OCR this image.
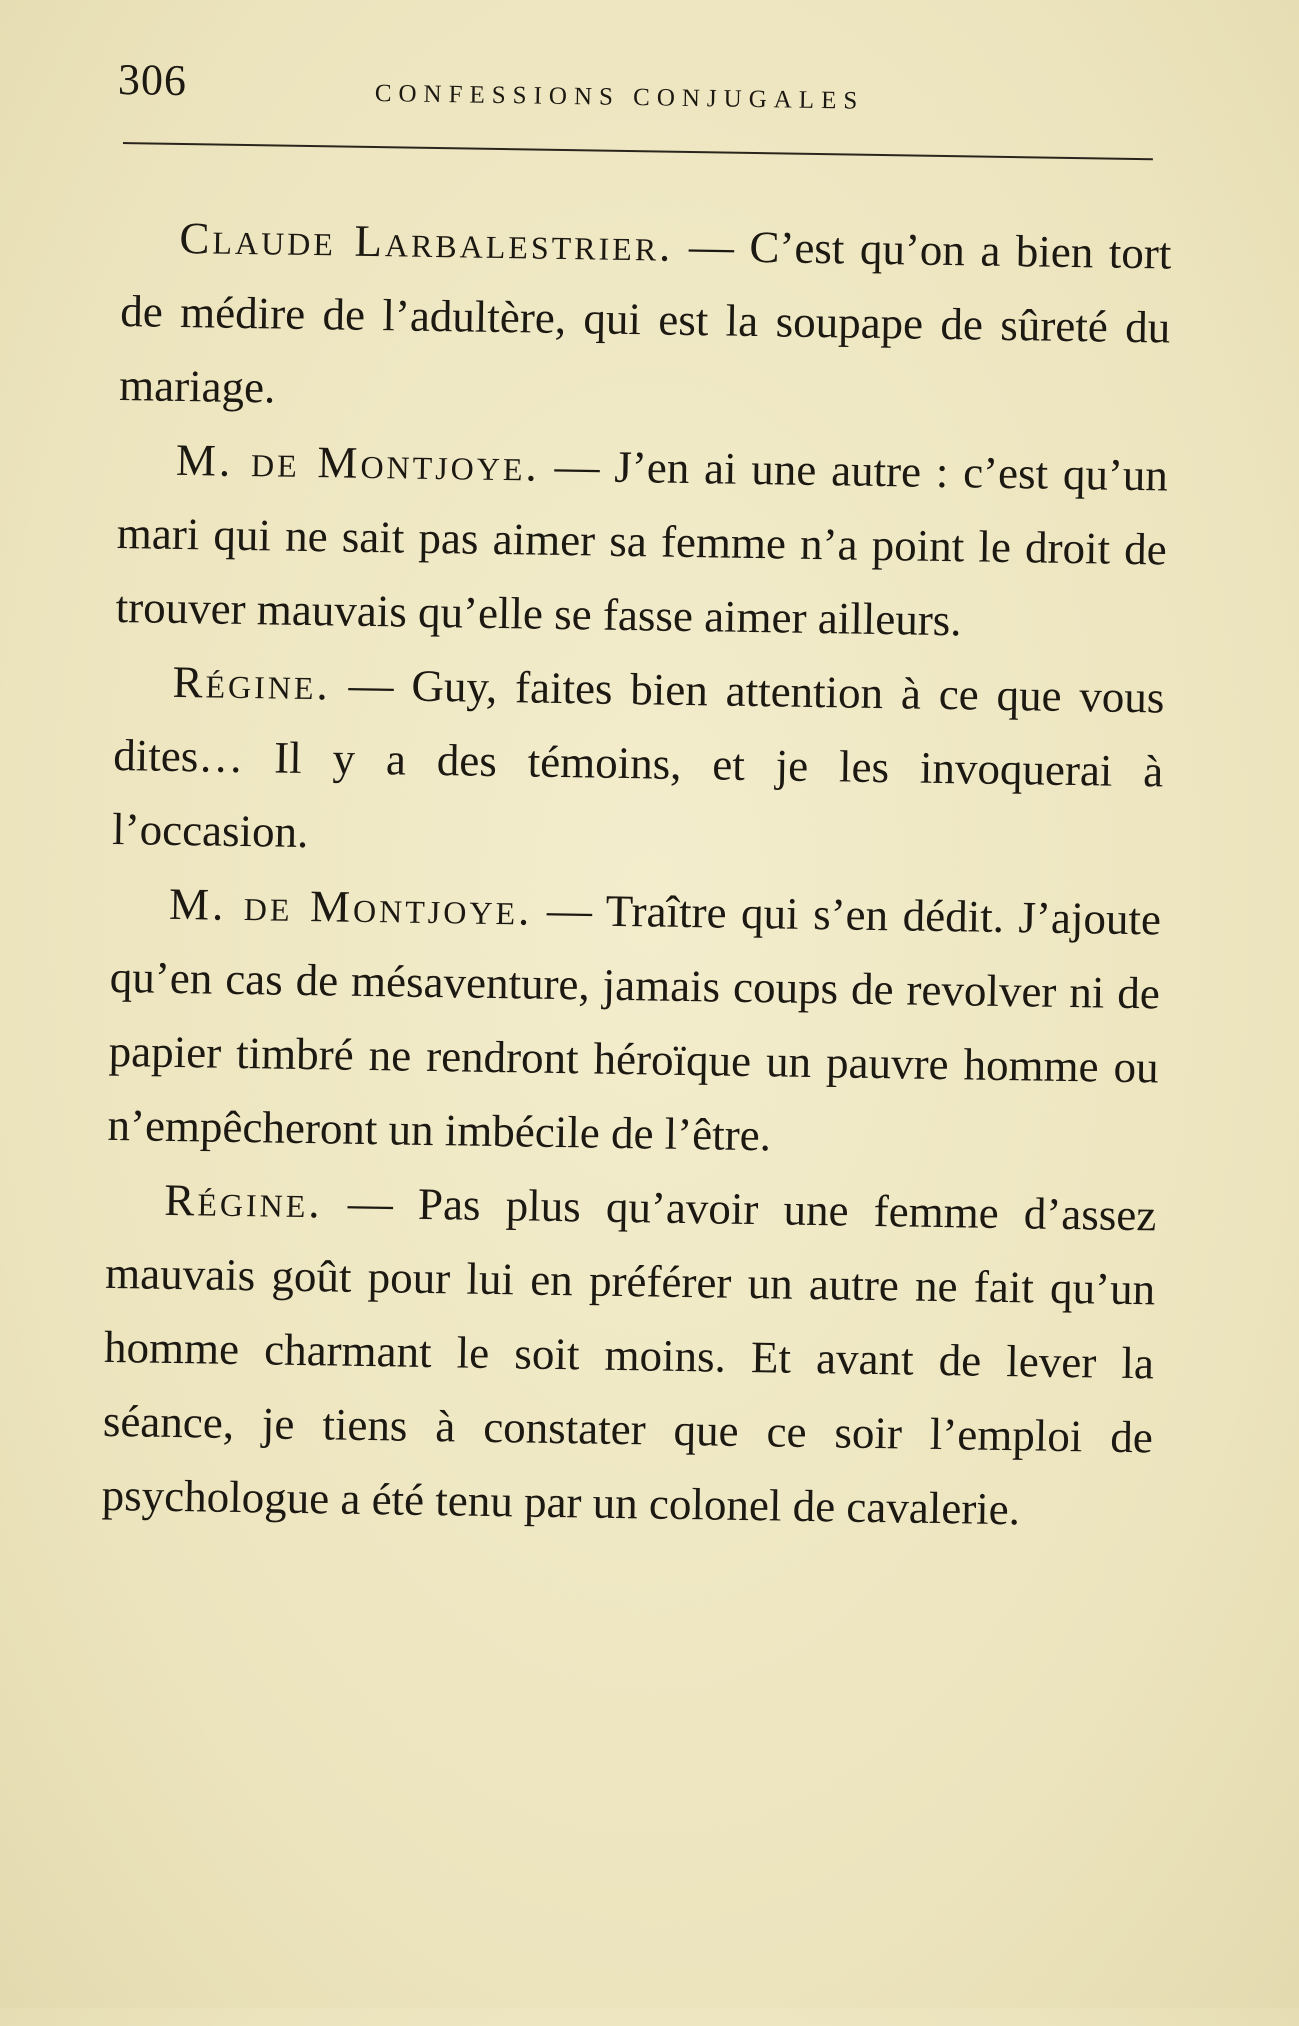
306	CONFESSIONS CONJUGALES

Claude Larbalestrier. — C’est qu’on a bien tort de médire de l’adultère, qui est la soupape de sûreté du mariage.

M. de Montjoye. — J’en ai une autre : c’est qu’un mari qui ne sait pas aimer sa femme n’a point le droit de trouver mauvais qu’elle se fasse aimer ailleurs.

Régine. — Guy, faites bien attention à ce que vous dites… Il y a des témoins, et je les invoquerai à l’occasion.

M. de Montjoye. — Traître qui s’en dédit. J’ajoute qu’en cas de mésaventure, jamais coups de revolver ni de papier timbré ne rendront héroïque un pauvre homme ou n’empêcheront un imbécile de l’être.

Régine. — Pas plus qu’avoir une femme d’assez mauvais goût pour lui en préférer un autre ne fait qu’un homme charmant le soit moins. Et avant de lever la séance, je tiens à constater que ce soir l’emploi de psychologue a été tenu par un colonel de cavalerie.
